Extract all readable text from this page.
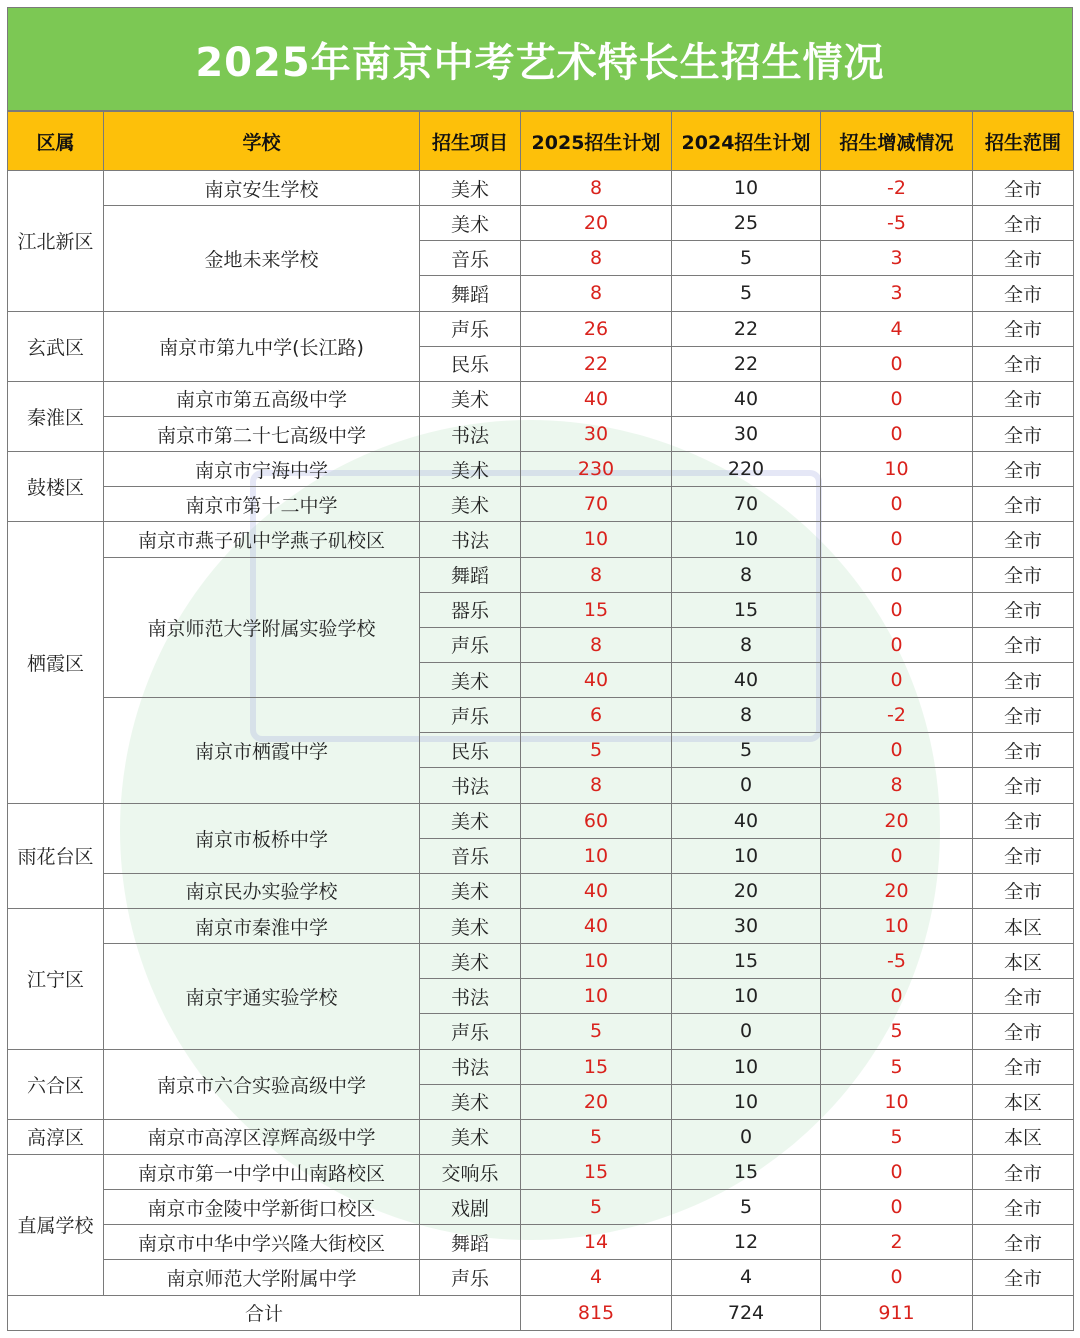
2025年南京中考艺术特长生招生情况
区属	学校	招生项目	2025招生计划	2024招生计划	招生增减情况	招生范围
江北新区	南京安生学校	美术	8	10	-2	全市
	金地未来学校	美术	20	25	-5	全市
		音乐	8	5	3	全市
		舞蹈	8	5	3	全市
玄武区	南京市第九中学(长江路)	声乐	26	22	4	全市
		民乐	22	22	0	全市
秦淮区	南京市第五高级中学	美术	40	40	0	全市
	南京市第二十七高级中学	书法	30	30	0	全市
鼓楼区	南京市宁海中学	美术	230	220	10	全市
	南京市第十二中学	美术	70	70	0	全市
栖霞区	南京市燕子矶中学燕子矶校区	书法	10	10	0	全市
	南京师范大学附属实验学校	舞蹈	8	8	0	全市
		器乐	15	15	0	全市
		声乐	8	8	0	全市
		美术	40	40	0	全市
	南京市栖霞中学	声乐	6	8	-2	全市
		民乐	5	5	0	全市
		书法	8	0	8	全市
雨花台区	南京市板桥中学	美术	60	40	20	全市
		音乐	10	10	0	全市
	南京民办实验学校	美术	40	20	20	全市
江宁区	南京市秦淮中学	美术	40	30	10	本区
	南京宇通实验学校	美术	10	15	-5	本区
		书法	10	10	0	全市
		声乐	5	0	5	全市
六合区	南京市六合实验高级中学	书法	15	10	5	全市
		美术	20	10	10	本区
高淳区	南京市高淳区淳辉高级中学	美术	5	0	5	本区
直属学校	南京市第一中学中山南路校区	交响乐	15	15	0	全市
	南京市金陵中学新街口校区	戏剧	5	5	0	全市
	南京市中华中学兴隆大街校区	舞蹈	14	12	2	全市
	南京师范大学附属中学	声乐	4	4	0	全市
合计			815	724	911	
